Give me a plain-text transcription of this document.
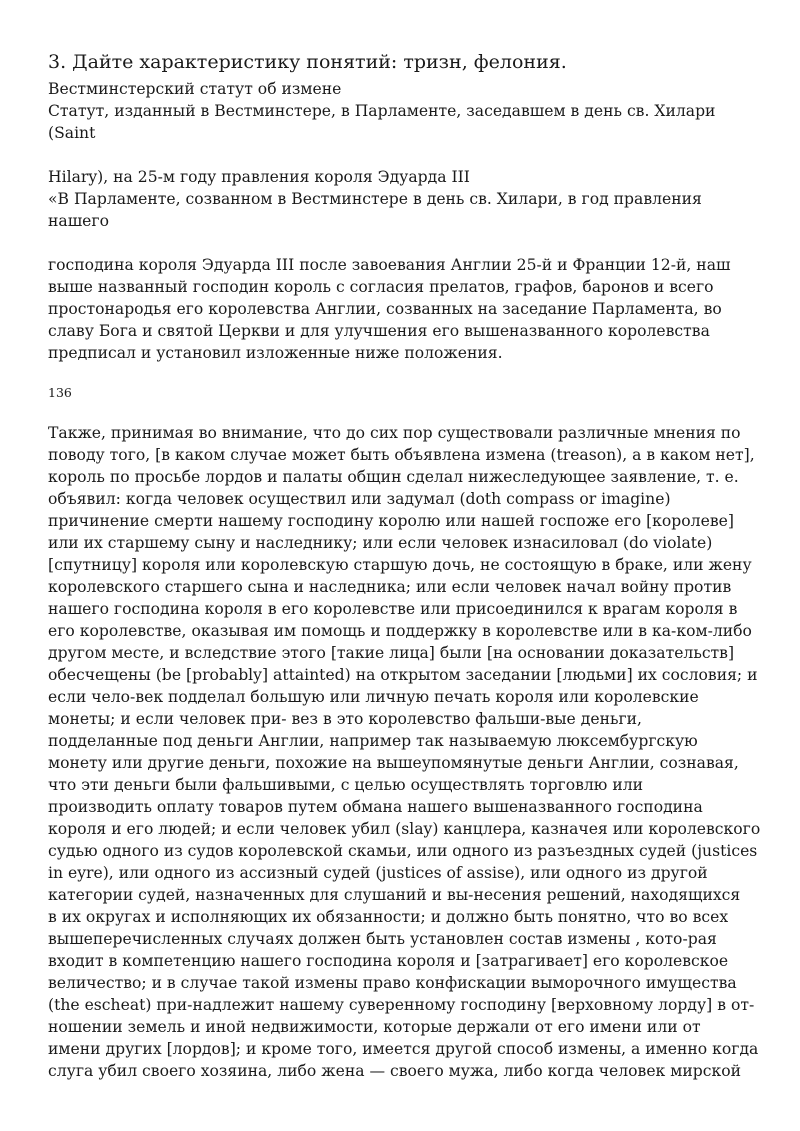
3. Дайте характеристику понятий: тризн, фелония.

Вестминстерский статут об измене
Статут, изданный в Вестминстере, в Парламенте, заседавшем в день св. Хилари
(Saint

Hilary), на 25-м году правления короля Эдуарда III
«В Парламенте, созванном в Вестминстере в день св. Хилари, в год правления
нашего

господина короля Эдуарда III после завоевания Англии 25-й и Франции 12-й, наш
выше названный господин король с согласия прелатов, графов, баронов и всего
простонародья его королевства Англии, созванных на заседание Парламента, во
славу Бога и святой Церкви и для улучшения его вышеназванного королевства
предписал и установил изложенные ниже положения.

136

Также, принимая во внимание, что до сих пор существовали различные мнения по
поводу того, [в каком случае может быть объявлена измена (treason), а в каком нет],
король по просьбе лордов и палаты общин сделал нижеследующее заявление, т. е.
объявил: когда человек осуществил или задумал (doth compass or imagine)
причинение смерти нашему господину королю или нашей госпоже его [королеве]
или их старшему сыну и наследнику; или если человек изнасиловал (do violate)
[спутницу] короля или королевскую старшую дочь, не состоящую в браке, или жену
королевского старшего сына и наследника; или если человек начал войну против
нашего господина короля в его королевстве или присоединился к врагам короля в
его королевстве, оказывая им помощь и поддержку в королевстве или в ка-ком-либо
другом месте, и вследствие этого [такие лица] были [на основании доказательств]
обесчещены (be [probably] attainted) на открытом заседании [людьми] их сословия; и
если чело-век подделал большую или личную печать короля или королевские
монеты; и если человек при- вез в это королевство фальши-вые деньги,
подделанные под деньги Англии, например так называемую люксембургскую
монету или другие деньги, похожие на вышеупомянутые деньги Англии, сознавая,
что эти деньги были фальшивыми, с целью осуществлять торговлю или
производить оплату товаров путем обмана нашего вышеназванного господина
короля и его людей; и если человек убил (slay) канцлера, казначея или королевского
судью одного из судов королевской скамьи, или одного из разъездных судей (justices
in eyre), или одного из ассизный судей (justices of assise), или одного из другой
категории судей, назначенных для слушаний и вы-несения решений, находящихся
в их округах и исполняющих их обязанности; и должно быть понятно, что во всех
вышеперечисленных случаях должен быть установлен состав измены , кото-рая
входит в компетенцию нашего господина короля и [затрагивает] его королевское
величество; и в случае такой измены право конфискации выморочного имущества
(the escheat) при-надлежит нашему суверенному господину [верховному лорду] в от-
ношении земель и иной недвижимости, которые держали от его имени или от
имени других [лордов]; и кроме того, имеется другой способ измены, а именно когда
слуга убил своего хозяина, либо жена — своего мужа, либо когда человек мирской
